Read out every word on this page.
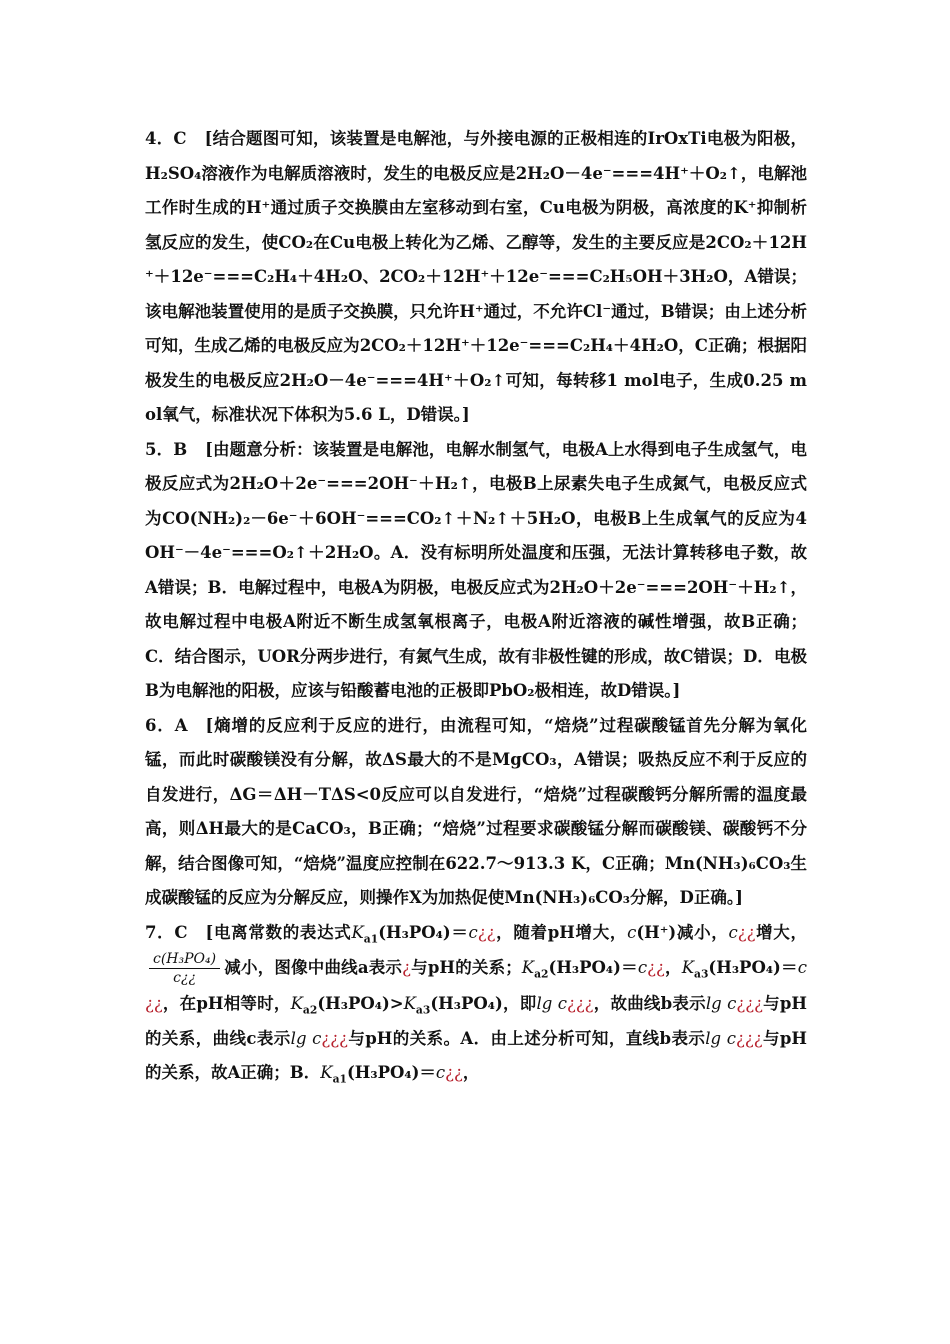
4．C [结合题图可知，该装置是电解池，与外接电源的正极相连的IrOxTi电极为阳极，H₂SO₄溶液作为电解质溶液时，发生的电极反应是2H₂O－4e⁻===4H⁺＋O₂↑，电解池工作时生成的H⁺通过质子交换膜由左室移动到右室，Cu电极为阴极，高浓度的K⁺抑制析氢反应的发生，使CO₂在Cu电极上转化为乙烯、乙醇等，发生的主要反应是2CO₂＋12H⁺＋12e⁻===C₂H₄＋4H₂O、2CO₂＋12H⁺＋12e⁻===C₂H₅OH＋3H₂O，A错误；该电解池装置使用的是质子交换膜，只允许H⁺通过，不允许Cl⁻通过，B错误；由上述分析可知，生成乙烯的电极反应为2CO₂＋12H⁺＋12e⁻===C₂H₄＋4H₂O，C正确；根据阳极发生的电极反应2H₂O－4e⁻===4H⁺＋O₂↑可知，每转移1 mol电子，生成0.25 mol氧气，标准状况下体积为5.6 L，D错误。]

5．B [由题意分析：该装置是电解池，电解水制氢气，电极A上水得到电子生成氢气，电极反应式为2H₂O＋2e⁻===2OH⁻＋H₂↑，电极B上尿素失电子生成氮气，电极反应式为CO(NH₂)₂－6e⁻＋6OH⁻===CO₂↑＋N₂↑＋5H₂O，电极B上生成氧气的反应为4OH⁻－4e⁻===O₂↑＋2H₂O。A．没有标明所处温度和压强，无法计算转移电子数，故A错误；B．电解过程中，电极A为阴极，电极反应式为2H₂O＋2e⁻===2OH⁻＋H₂↑，故电解过程中电极A附近不断生成氢氧根离子，电极A附近溶液的碱性增强，故B正确；C．结合图示，UOR分两步进行，有氮气生成，故有非极性键的形成，故C错误；D．电极B为电解池的阳极，应该与铅酸蓄电池的正极即PbO₂极相连，故D错误。]

6．A [熵增的反应利于反应的进行，由流程可知，“焙烧”过程碳酸锰首先分解为氧化锰，而此时碳酸镁没有分解，故ΔS最大的不是MgCO₃，A错误；吸热反应不利于反应的自发进行，ΔG＝ΔH－TΔS<0反应可以自发进行，“焙烧”过程碳酸钙分解所需的温度最高，则ΔH最大的是CaCO₃，B正确；“焙烧”过程要求碳酸锰分解而碳酸镁、碳酸钙不分解，结合图像可知，“焙烧”温度应控制在622.7～913.3 K，C正确；Mn(NH₃)₆CO₃生成碳酸锰的反应为分解反应，则操作X为加热促使Mn(NH₃)₆CO₃分解，D正确。]

7．C [电离常数的表达式$K_{a1}(H_3PO_4)=c¿¿$，随着pH增大，c(H⁺)减小，c¿¿增大，
$\frac{\text{c(H₃PO₄)}}{c¿¿}$ 减小，图像中曲线a表示¿与pH的关系；$K_{a2}(H_3PO_4)=c¿¿$，$K_{a3}(H_3PO_4)=c¿¿$，在pH相等时，$K_{a2}(H_3PO_4)>K_{a3}(H_3PO_4)$，即lg c¿¿¿，故曲线b表示lg c¿¿¿与pH的关系，曲线c表示lg c¿¿¿与pH的关系。A．由上述分析可知，直线b表示lg c¿¿¿与pH的关系，故A正确；B．$K_{a1}(H_3PO_4)=c¿¿$，
